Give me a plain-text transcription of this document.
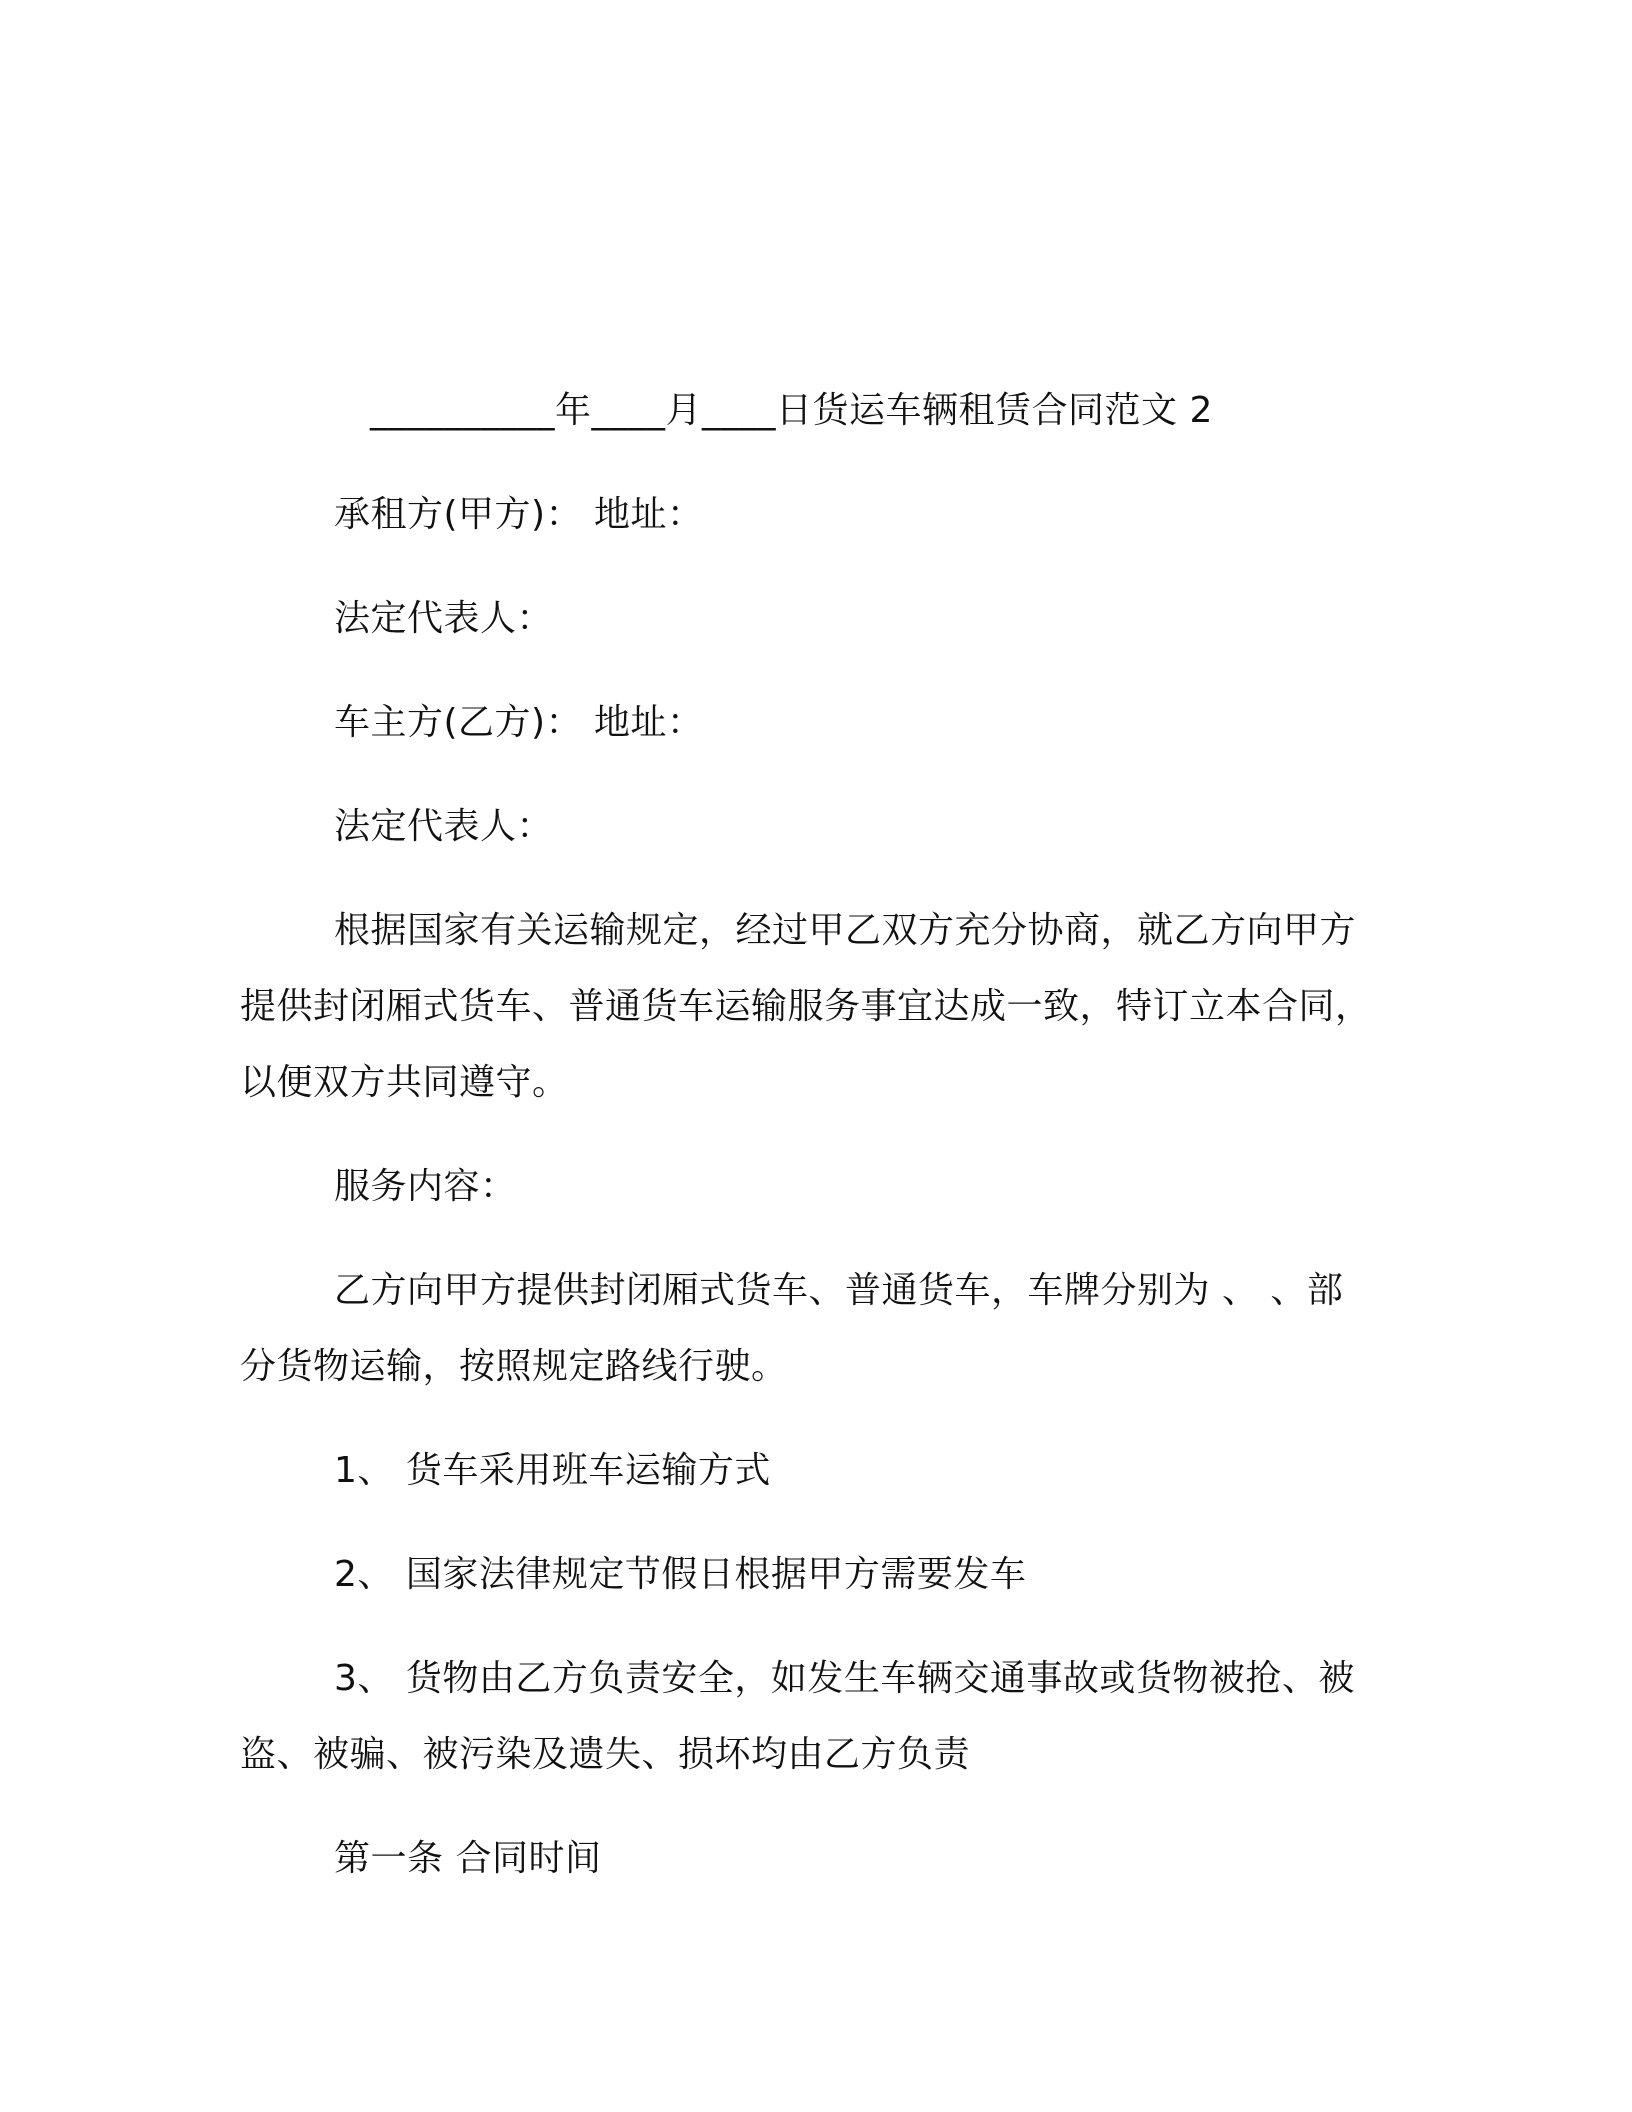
__________年____月____日货运车辆租赁合同范文 2
承租方(甲方)： 地址：
法定代表人：
车主方(乙方)： 地址：
法定代表人：
根据国家有关运输规定，经过甲乙双方充分协商，就乙方向甲方
提供封闭厢式货车、普通货车运输服务事宜达成一致，特订立本合同，
以便双方共同遵守。
服务内容：
乙方向甲方提供封闭厢式货车、普通货车，车牌分别为 、 、部
分货物运输，按照规定路线行驶。
1、 货车采用班车运输方式
2、 国家法律规定节假日根据甲方需要发车
3、 货物由乙方负责安全，如发生车辆交通事故或货物被抢、被
盗、被骗、被污染及遗失、损坏均由乙方负责
第一条 合同时间
